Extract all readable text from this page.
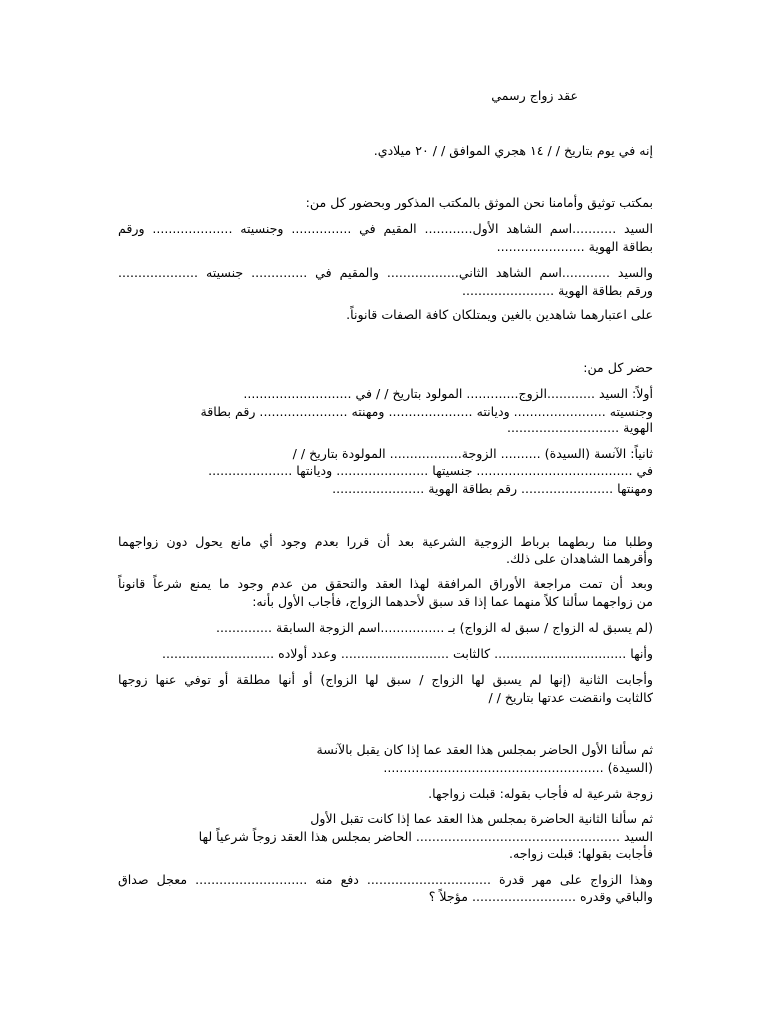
عقد زواج رسمي
إنه في يوم بتاريخ / / ١٤ هجري الموافق / / ٢٠ ميلادي.
بمكتب توثيق وأمامنا نحن الموثق بالمكتب المذكور وبحضور كل من:
السيد ...........اسم الشاهد الأول............ المقيم في ............... وجنسيته .................... ورقم
بطاقة الهوية ......................
والسيد ............اسم الشاهد الثاني.................. والمقيم في .............. جنسيته ....................
ورقم بطاقة الهوية .......................
على اعتبارهما شاهدين بالغين ويمتلكان كافة الصفات قانوناً.
حضر كل من:
أولاً: السيد ............الزوج............. المولود بتاريخ / / في ...........................
وجنسيته ....................... وديانته ..................... ومهنته ...................... رقم بطاقة
الهوية ............................
ثانياً: الآنسة (السيدة) .......... الزوجة.................. المولودة بتاريخ / /
في ....................................... جنسيتها ....................... وديانتها .....................
ومهنتها ....................... رقم بطاقة الهوية .......................
وطلبا منا ربطهما برباط الزوجية الشرعية بعد أن قررا بعدم وجود أي مانع يحول دون زواجهما
وأقرهما الشاهدان على ذلك.
وبعد أن تمت مراجعة الأوراق المرافقة لهذا العقد والتحقق من عدم وجود ما يمنع شرعاً قانوناً
من زواجهما سألنا كلاً منهما عما إذا قد سبق لأحدهما الزواج، فأجاب الأول بأنه:
(لم يسبق له الزواج / سبق له الزواج) بـ ................اسم الزوجة السابقة ..............
وأنها ................................. كالثابت ........................... وعدد أولاده ............................
وأجابت الثانية (إنها لم يسبق لها الزواج / سبق لها الزواج) أو أنها مطلقة أو توفي عنها زوجها
كالثابت وانقضت عدتها بتاريخ / /
ثم سألنا الأول الحاضر بمجلس هذا العقد عما إذا كان يقبل بالآنسة
(السيدة) .......................................................
زوجة شرعية له فأجاب بقوله: قبلت زواجها.
ثم سألنا الثانية الحاضرة بمجلس هذا العقد عما إذا كانت تقبل الأول
السيد ................................................... الحاضر بمجلس هذا العقد زوجاً شرعياً لها
فأجابت بقولها: قبلت زواجه.
وهذا الزواج على مهر قدرة ............................... دفع منه ............................ معجل صداق
والباقي وقدره .......................... مؤجلاً ؟
